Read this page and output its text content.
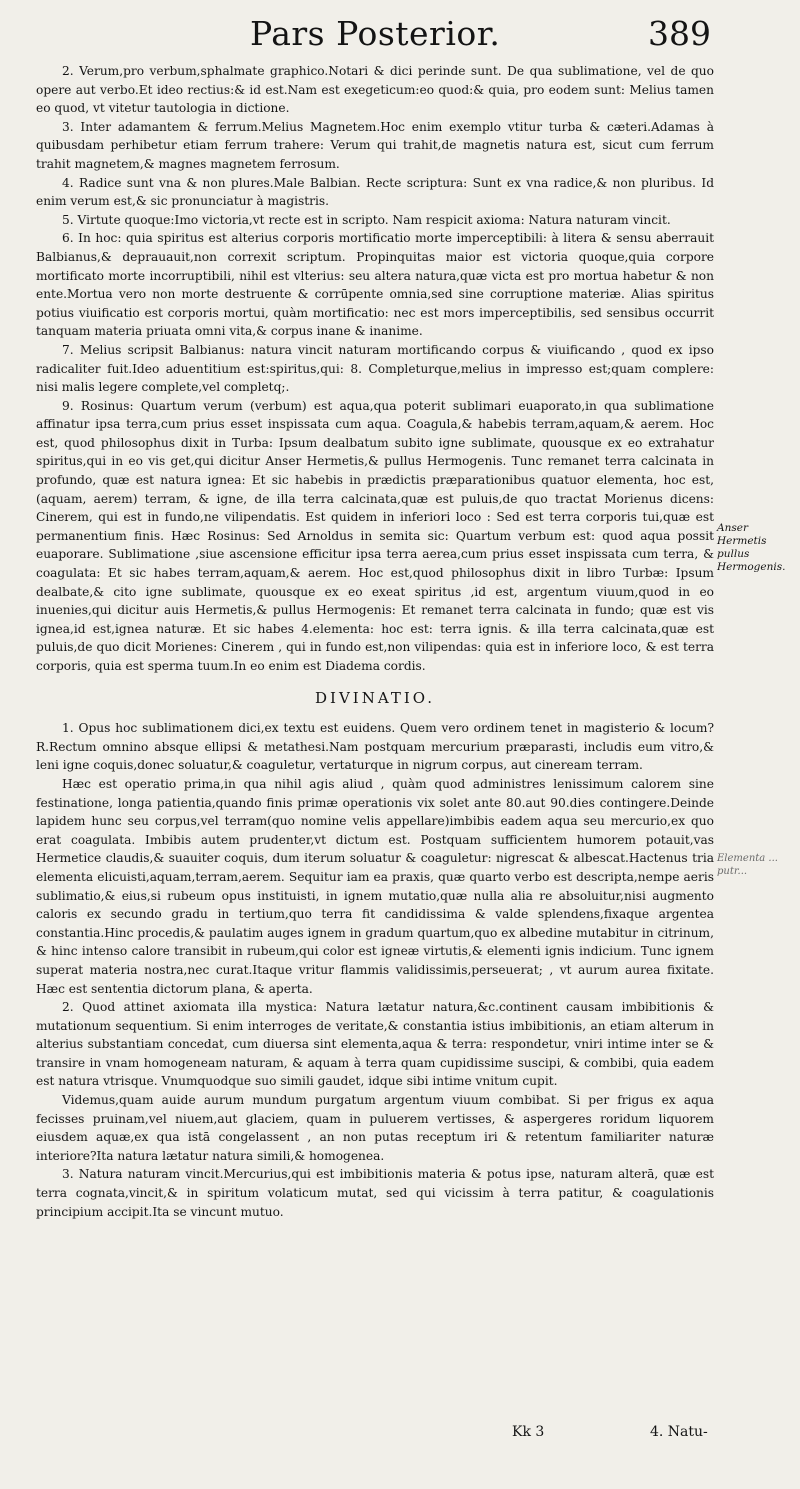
Pars Posterior.	389

2. Verum,pro verbum,sphalmate graphico.Notari & dici perinde sunt. De qua sublimatione, vel de quo opere aut verbo.Et ideo rectius:& id est.Nam est exegeticum:eo quod:& quia, pro eodem sunt: Melius tamen eo quod, vt vitetur tautologia in dictione.

3. Inter adamantem & ferrum.Melius Magnetem.Hoc enim exemplo vtitur turba & cæteri.Adamas à quibusdam perhibetur etiam ferrum trahere: Verum qui trahit,de magnetis natura est, sicut cum ferrum trahit magnetem,& magnes magnetem ferrosum.

4. Radice sunt vna & non plures.Male Balbian. Recte scriptura: Sunt ex vna radice,& non pluribus. Id enim verum est,& sic pronunciatur à magistris.

5. Virtute quoque:Imo victoria,vt recte est in scripto. Nam respicit axioma: Natura naturam vincit.

6. In hoc: quia spiritus est alterius corporis mortificatio morte imperceptibili: à litera & sensu aberrauit Balbianus,& deprauauit,non correxit scriptum. Propinquitas maior est victoria quoque,quia corpore mortificato morte incorruptibili, nihil est vlterius: seu altera natura,quæ victa est pro mortua habetur & non ente.Mortua vero non morte destruente & corrūpente omnia,sed sine corruptione materiæ. Alias spiritus potius viuificatio est corporis mortui, quàm mortificatio: nec est mors imperceptibilis, sed sensibus occurrit tanquam materia priuata omni vita,& corpus inane & inanime.

7. Melius scripsit Balbianus: natura vincit naturam mortificando corpus & viuificando , quod ex ipso radicaliter fuit.Ideo aduentitium est:spiritus,qui: 8. Completurque,melius in impresso est;quam complere: nisi malis legere complete,vel completq;.

9. Rosinus: Quartum verum (verbum) est aqua,qua poterit sublimari euaporato,in qua sublimatione affinatur ipsa terra,cum prius esset inspissata cum aqua. Coagula,& habebis terram,aquam,& aerem. Hoc est, quod philosophus dixit in Turba: Ipsum dealbatum subito igne sublimate, quousque ex eo extrahatur spiritus,qui in eo vis get,qui dicitur Anser Hermetis,& pullus Hermogenis. Tunc remanet terra calcinata in profundo, quæ est natura ignea: Et sic habebis in prædictis præparationibus quatuor elementa, hoc est,(aquam, aerem) terram, & igne, de illa terra calcinata,quæ est puluis,de quo tractat Morienus dicens: Cinerem, qui est in fundo,ne vilipendatis. Est quidem in inferiori loco : Sed est terra corporis tui,quæ est permanentium finis. Hæc Rosinus: Sed Arnoldus in semita sic: Quartum verbum est: quod aqua possit euaporare. Sublimatione ,siue ascensione efficitur ipsa terra aerea,cum prius esset inspissata cum terra, & coagulata: Et sic habes terram,aquam,& aerem. Hoc est,quod philosophus dixit in libro Turbæ: Ipsum dealbate,& cito igne sublimate, quousque ex eo exeat spiritus ,id est, argentum viuum,quod in eo inuenies,qui dicitur auis Hermetis,& pullus Hermogenis: Et remanet terra calcinata in fundo; quæ est vis ignea,id est,ignea naturæ. Et sic habes 4.elementa: hoc est: terra ignis. & illa terra calcinata,quæ est puluis,de quo dicit Morienes: Cinerem , qui in fundo est,non vilipendas: quia est in inferiore loco, & est terra corporis, quia est sperma tuum.In eo enim est Diadema cordis.

DIVINATIO.

1. Opus hoc sublimationem dici,ex textu est euidens. Quem vero ordinem tenet in magisterio & locum? R.Rectum omnino absque ellipsi & metathesi.Nam postquam mercurium præparasti, includis eum vitro,& leni igne coquis,donec soluatur,& coaguletur, vertaturque in nigrum corpus, aut cineream terram.

Hæc est operatio prima,in qua nihil agis aliud , quàm quod administres lenissimum calorem sine festinatione, longa patientia,quando finis primæ operationis vix solet ante 80.aut 90.dies contingere.Deinde lapidem hunc seu corpus,vel terram(quo nomine velis appellare)imbibis eadem aqua seu mercurio,ex quo erat coagulata. Imbibis autem prudenter,vt dictum est. Postquam sufficientem humorem potauit,vas Hermetice claudis,& suauiter coquis, dum iterum soluatur & coaguletur: nigrescat & albescat.Hactenus tria elementa elicuisti,aquam,terram,aerem. Sequitur iam ea praxis, quæ quarto verbo est descripta,nempe aeris sublimatio,& eius,si rubeum opus instituisti, in ignem mutatio,quæ nulla alia re absoluitur,nisi augmento caloris ex secundo gradu in tertium,quo terra fit candidissima & valde splendens,fixaque argentea constantia.Hinc procedis,& paulatim auges ignem in gradum quartum,quo ex albedine mutabitur in citrinum, & hinc intenso calore transibit in rubeum,qui color est igneæ virtutis,& elementi ignis indicium. Tunc ignem superat materia nostra,nec curat.Itaque vritur flammis validissimis,perseuerat; , vt aurum aurea fixitate. Hæc est sententia dictorum plana, & aperta.

2. Quod attinet axiomata illa mystica: Natura lætatur natura,&c.continent causam imbibitionis & mutationum sequentium. Si enim interroges de veritate,& constantia istius imbibitionis, an etiam alterum in alterius substantiam concedat, cum diuersa sint elementa,aqua & terra: respondetur, vniri intime inter se & transire in vnam homogeneam naturam, & aquam à terra quam cupidissime suscipi, & combibi, quia eadem est natura vtrisque. Vnumquodque suo simili gaudet, idque sibi intime vnitum cupit.

Videmus,quam auide aurum mundum purgatum argentum viuum combibat. Si per frigus ex aqua fecisses pruinam,vel niuem,aut glaciem, quam in puluerem vertisses, & aspergeres roridum liquorem eiusdem aquæ,ex qua istā congelassent , an non putas receptum iri & retentum familiariter naturæ interiore?Ita natura lætatur natura simili,& homogenea.

3. Natura naturam vincit.Mercurius,qui est imbibitionis materia & potus ipse, naturam alterā, quæ est terra cognata,vincit,& in spiritum volaticum mutat, sed qui vicissim à terra patitur, & coagulationis principium accipit.Ita se vincunt mutuo.

Anser Hermetis pullus Hermogenis.
Elementa ... putr...
Kk 3	4. Natu-
